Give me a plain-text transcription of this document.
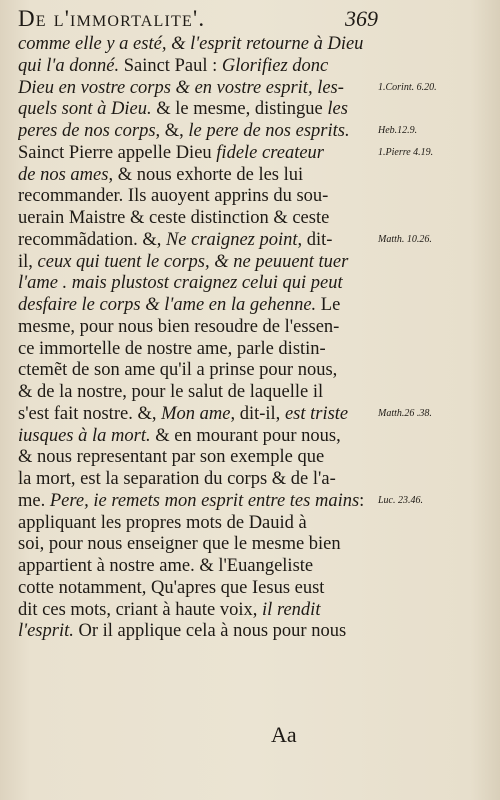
De l'immortalite'.	369
comme elle y a esté, & l'esprit retourne à Dieu
qui l'a donné. Sainct Paul : Glorifiez donc
Dieu en vostre corps & en vostre esprit, les-
quels sont à Dieu. & le mesme, distingue les
peres de nos corps, &, le pere de nos esprits.
Sainct Pierre appelle Dieu fidele createur
de nos ames, & nous exhorte de les lui
recommander. Ils auoyent apprins du sou-
uerain Maistre & ceste distinction & ceste
recommãdation. &, Ne craignez point, dit-
il, ceux qui tuent le corps, & ne peuuent tuer
l'ame . mais plustost craignez celui qui peut
desfaire le corps & l'ame en la gehenne. Le
mesme, pour nous bien resoudre de l'essen-
ce immortelle de nostre ame, parle distin-
ctemẽt de son ame qu'il a prinse pour nous,
& de la nostre, pour le salut de laquelle il
s'est fait nostre. &, Mon ame, dit-il, est triste
iusques à la mort. & en mourant pour nous,
& nous representant par son exemple que
la mort, est la separation du corps & de l'a-
me. Pere, ie remets mon esprit entre tes mains:
appliquant les propres mots de Dauid à
soi, pour nous enseigner que le mesme bien
appartient à nostre ame. & l'Euangeliste
cotte notamment, Qu'apres que Iesus eust
dit ces mots, criant à haute voix, il rendit
l'esprit. Or il applique cela à nous pour nous
1.Corint. 6.20.
Heb.12.9.
1.Pierre 4.19.
Matth. 10.26.
Matth.26 .38.
Luc. 23.46.
Aa
